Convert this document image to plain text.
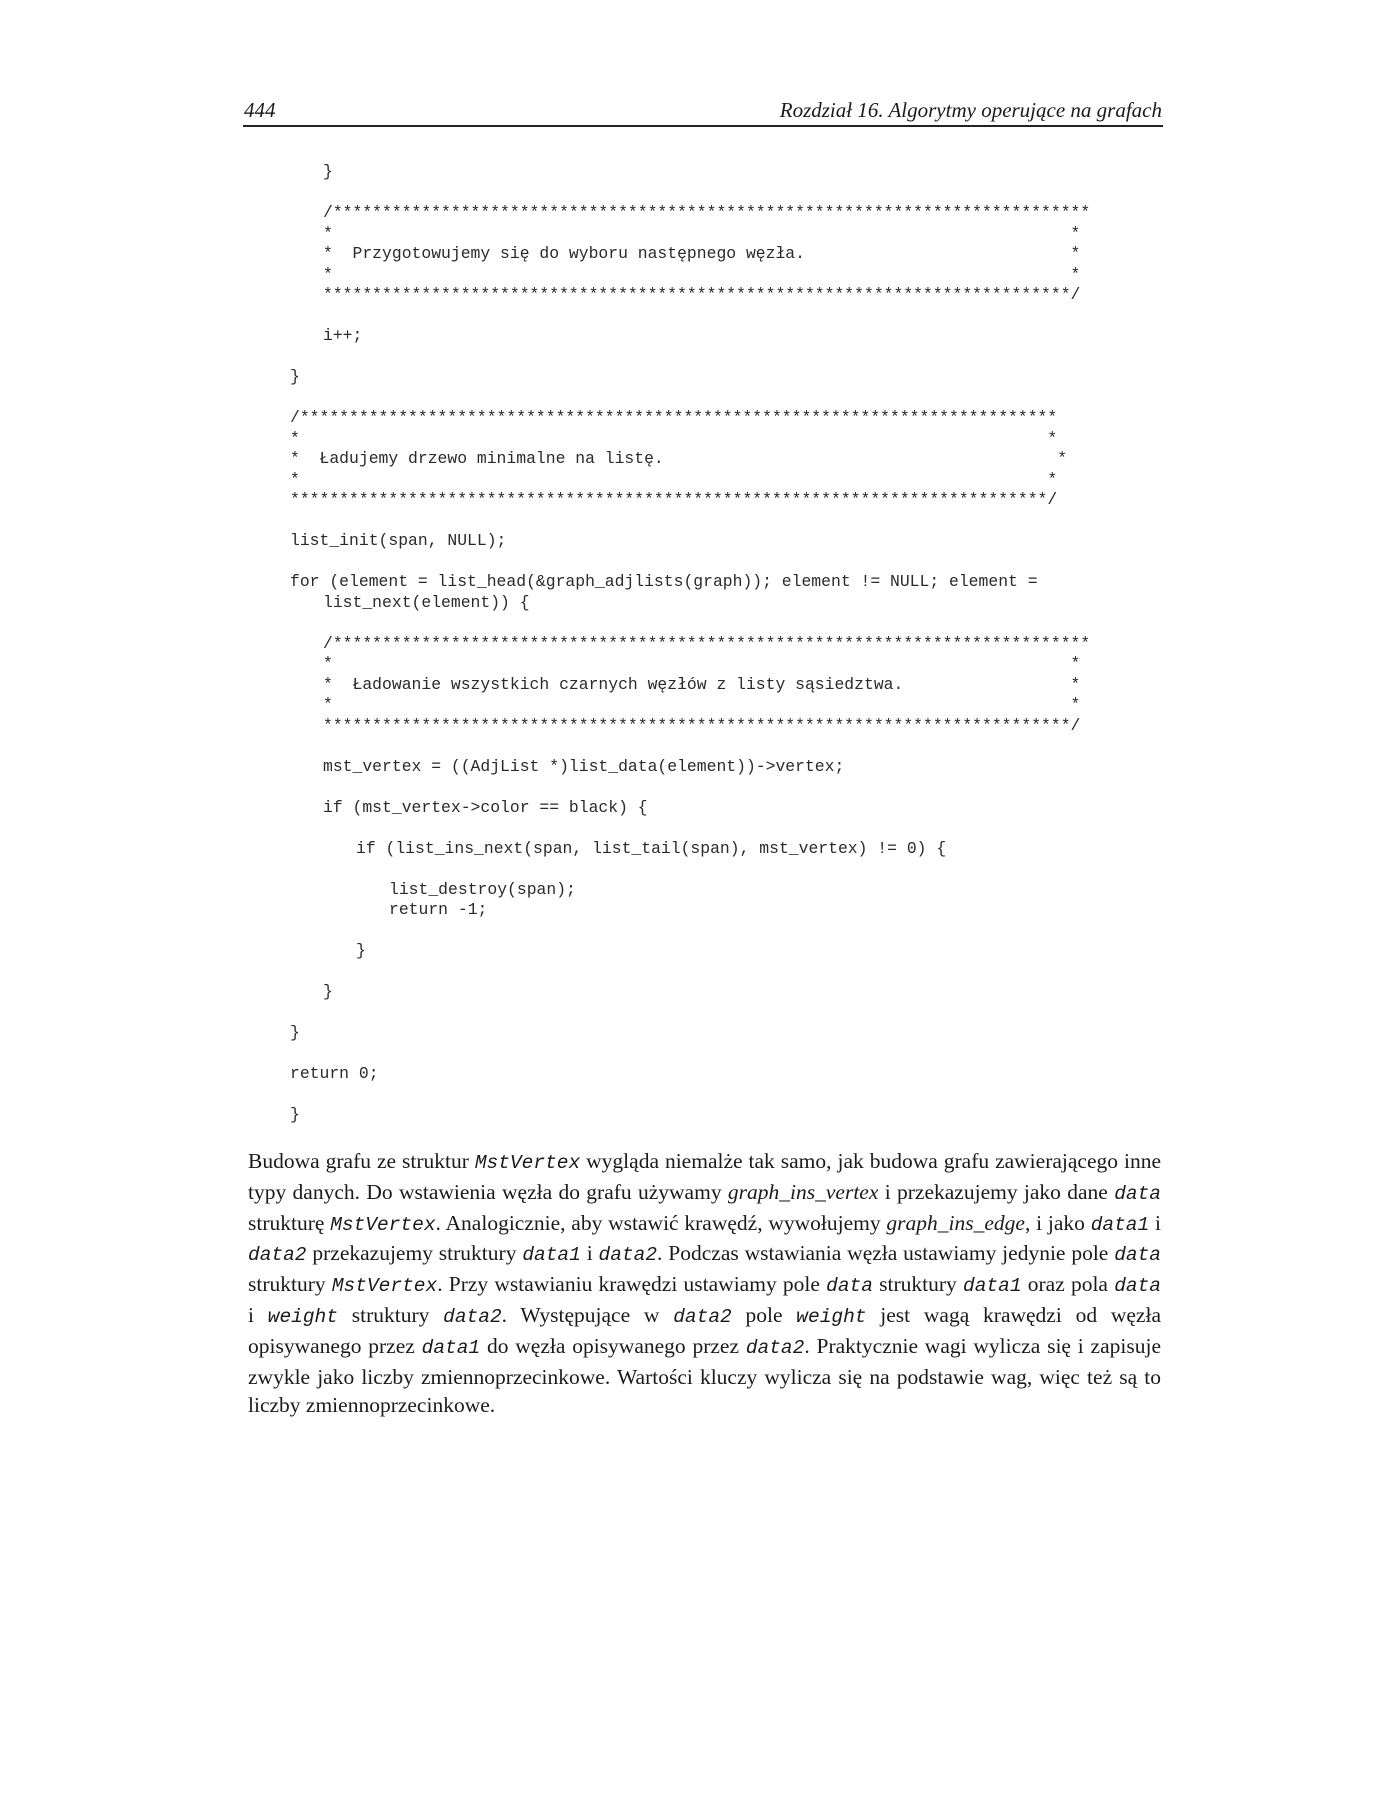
444	Rozdział 16. Algorytmy operujące na grafach
}
/*****************************************************************************
*                                                                           *
*  Przygotowujemy się do wyboru następnego węzła.                           *
*                                                                           *
****************************************************************************/
i++;
}
/*****************************************************************************
*                                                                            *
*  Ładujemy drzewo minimalne na listę.                                        *
*                                                                            *
*****************************************************************************/
list_init(span, NULL);
for (element = list_head(&graph_adjlists(graph)); element != NULL; element =
list_next(element)) {
/*****************************************************************************
*                                                                           *
*  Ładowanie wszystkich czarnych węzłów z listy sąsiedztwa.                 *
*                                                                           *
****************************************************************************/
mst_vertex = ((AdjList *)list_data(element))->vertex;
if (mst_vertex->color == black) {
if (list_ins_next(span, list_tail(span), mst_vertex) != 0) {
list_destroy(span);
return -1;
}
}
}
return 0;
}
Budowa grafu ze struktur MstVertex wygląda niemalże tak samo, jak budowa grafu zawierającego inne typy danych. Do wstawienia węzła do grafu używamy graph_ins_vertex i przekazujemy jako dane data strukturę MstVertex. Analogicznie, aby wstawić krawędź, wywołujemy graph_ins_edge, i jako data1 i data2 przekazujemy struktury data1 i data2. Podczas wstawiania węzła ustawiamy jedynie pole data struktury MstVertex. Przy wstawianiu krawędzi ustawiamy pole data struktury data1 oraz pola data i weight struktury data2. Występujące w data2 pole weight jest wagą krawędzi od węzła opisywanego przez data1 do węzła opisywanego przez data2. Praktycznie wagi wylicza się i zapisuje zwykle jako liczby zmiennoprzecinkowe. Wartości kluczy wylicza się na podstawie wag, więc też są to liczby zmiennoprzecinkowe.
